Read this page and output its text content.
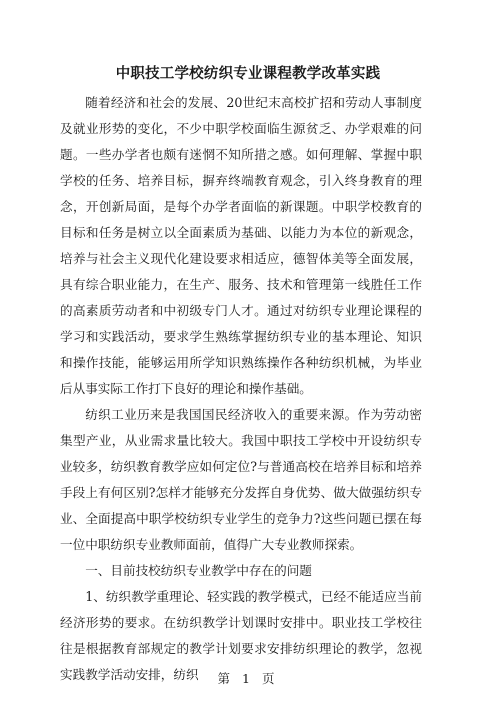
中职技工学校纺织专业课程教学改革实践

随着经济和社会的发展、20世纪末高校扩招和劳动人事制度及就业形势的变化，不少中职学校面临生源贫乏、办学艰难的问题。一些办学者也颇有迷惘不知所措之感。如何理解、掌握中职学校的任务、培养目标，摒弃终端教育观念，引入终身教育的理念，开创新局面，是每个办学者面临的新课题。中职学校教育的目标和任务是树立以全面素质为基础、以能力为本位的新观念，培养与社会主义现代化建设要求相适应，德智体美等全面发展，具有综合职业能力，在生产、服务、技术和管理第一线胜任工作的高素质劳动者和中初级专门人才。通过对纺织专业理论课程的学习和实践活动，要求学生熟练掌握纺织专业的基本理论、知识和操作技能，能够运用所学知识熟练操作各种纺织机械，为毕业后从事实际工作打下良好的理论和操作基础。

纺织工业历来是我国国民经济收入的重要来源。作为劳动密集型产业，从业需求量比较大。我国中职技工学校中开设纺织专业较多，纺织教育教学应如何定位?与普通高校在培养目标和培养手段上有何区别?怎样才能够充分发挥自身优势、做大做强纺织专业、全面提高中职学校纺织专业学生的竞争力?这些问题已摆在每一位中职纺织专业教师面前，值得广大专业教师探索。

一、目前技校纺织专业教学中存在的问题

1、纺织教学重理论、轻实践的教学模式，已经不能适应当前经济形势的要求。在纺织教学计划课时安排中。职业技工学校往往是根据教育部规定的教学计划要求安排纺织理论的教学，忽视实践教学活动安排，纺织	第 1 页
